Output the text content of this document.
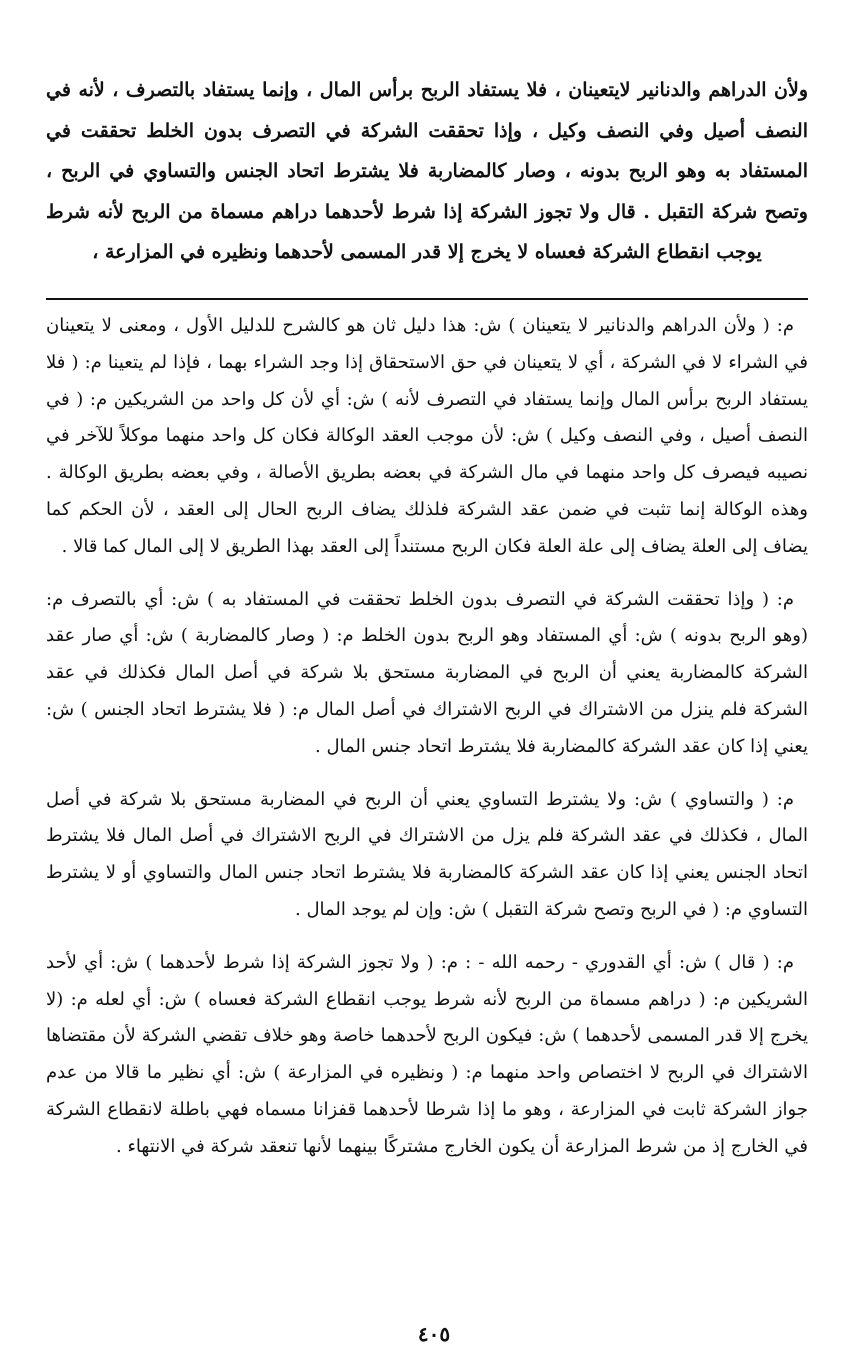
ولأن الدراهم والدنانير لايتعينان ، فلا يستفاد الربح برأس المال ، وإنما يستفاد بالتصرف ، لأنه في النصف أصيل وفي النصف وكيل ، وإذا تحققت الشركة في التصرف بدون الخلط تحققت في المستفاد به وهو الربح بدونه ، وصار كالمضاربة فلا يشترط اتحاد الجنس والتساوي في الربح ، وتصح شركة التقبل . قال ولا تجوز الشركة إذا شرط لأحدهما دراهم مسماة من الربح لأنه شرط يوجب انقطاع الشركة فعساه لا يخرج إلا قدر المسمى لأحدهما ونظيره في المزارعة ،

م: ( ولأن الدراهم والدنانير لا يتعينان ) ش: هذا دليل ثان هو كالشرح للدليل الأول ، ومعنى لا يتعينان في الشراء لا في الشركة ، أي لا يتعينان في حق الاستحقاق إذا وجد الشراء بهما ، فإذا لم يتعينا م: ( فلا يستفاد الربح برأس المال وإنما يستفاد في التصرف لأنه ) ش: أي لأن كل واحد من الشريكين م: ( في النصف أصيل ، وفي النصف وكيل ) ش: لأن موجب العقد الوكالة فكان كل واحد منهما موكلاً للآخر في نصيبه فيصرف كل واحد منهما في مال الشركة في بعضه بطريق الأصالة ، وفي بعضه بطريق الوكالة . وهذه الوكالة إنما تثبت في ضمن عقد الشركة فلذلك يضاف الربح الحال إلى العقد ، لأن الحكم كما يضاف إلى العلة يضاف إلى علة العلة فكان الربح مستنداً إلى العقد بهذا الطريق لا إلى المال كما قالا .

م: ( وإذا تحققت الشركة في التصرف بدون الخلط تحققت في المستفاد به ) ش: أي بالتصرف م: (وهو الربح بدونه ) ش: أي المستفاد وهو الربح بدون الخلط م: ( وصار كالمضاربة ) ش: أي صار عقد الشركة كالمضاربة يعني أن الربح في المضاربة مستحق بلا شركة في أصل المال فكذلك في عقد الشركة فلم ينزل من الاشتراك في الربح الاشتراك في أصل المال م: ( فلا يشترط اتحاد الجنس ) ش: يعني إذا كان عقد الشركة كالمضاربة فلا يشترط اتحاد جنس المال .

م: ( والتساوي ) ش: ولا يشترط التساوي يعني أن الربح في المضاربة مستحق بلا شركة في أصل المال ، فكذلك في عقد الشركة فلم يزل من الاشتراك في الربح الاشتراك في أصل المال فلا يشترط اتحاد الجنس يعني إذا كان عقد الشركة كالمضاربة فلا يشترط اتحاد جنس المال والتساوي أو لا يشترط التساوي م: ( في الربح وتصح شركة التقبل ) ش: وإن لم يوجد المال .

م: ( قال ) ش: أي القدوري - رحمه الله - : م: ( ولا تجوز الشركة إذا شرط لأحدهما ) ش: أي لأحد الشريكين م: ( دراهم مسماة من الربح لأنه شرط يوجب انقطاع الشركة فعساه ) ش: أي لعله م: (لا يخرج إلا قدر المسمى لأحدهما ) ش: فيكون الربح لأحدهما خاصة وهو خلاف تقضي الشركة لأن مقتضاها الاشتراك في الربح لا اختصاص واحد منهما م: ( ونظيره في المزارعة ) ش: أي نظير ما قالا من عدم جواز الشركة ثابت في المزارعة ، وهو ما إذا شرطا لأحدهما قفزانا مسماه فهي باطلة لانقطاع الشركة في الخارج إذ من شرط المزارعة أن يكون الخارج مشتركًا بينهما لأنها تنعقد شركة في الانتهاء .

٤٠٥
